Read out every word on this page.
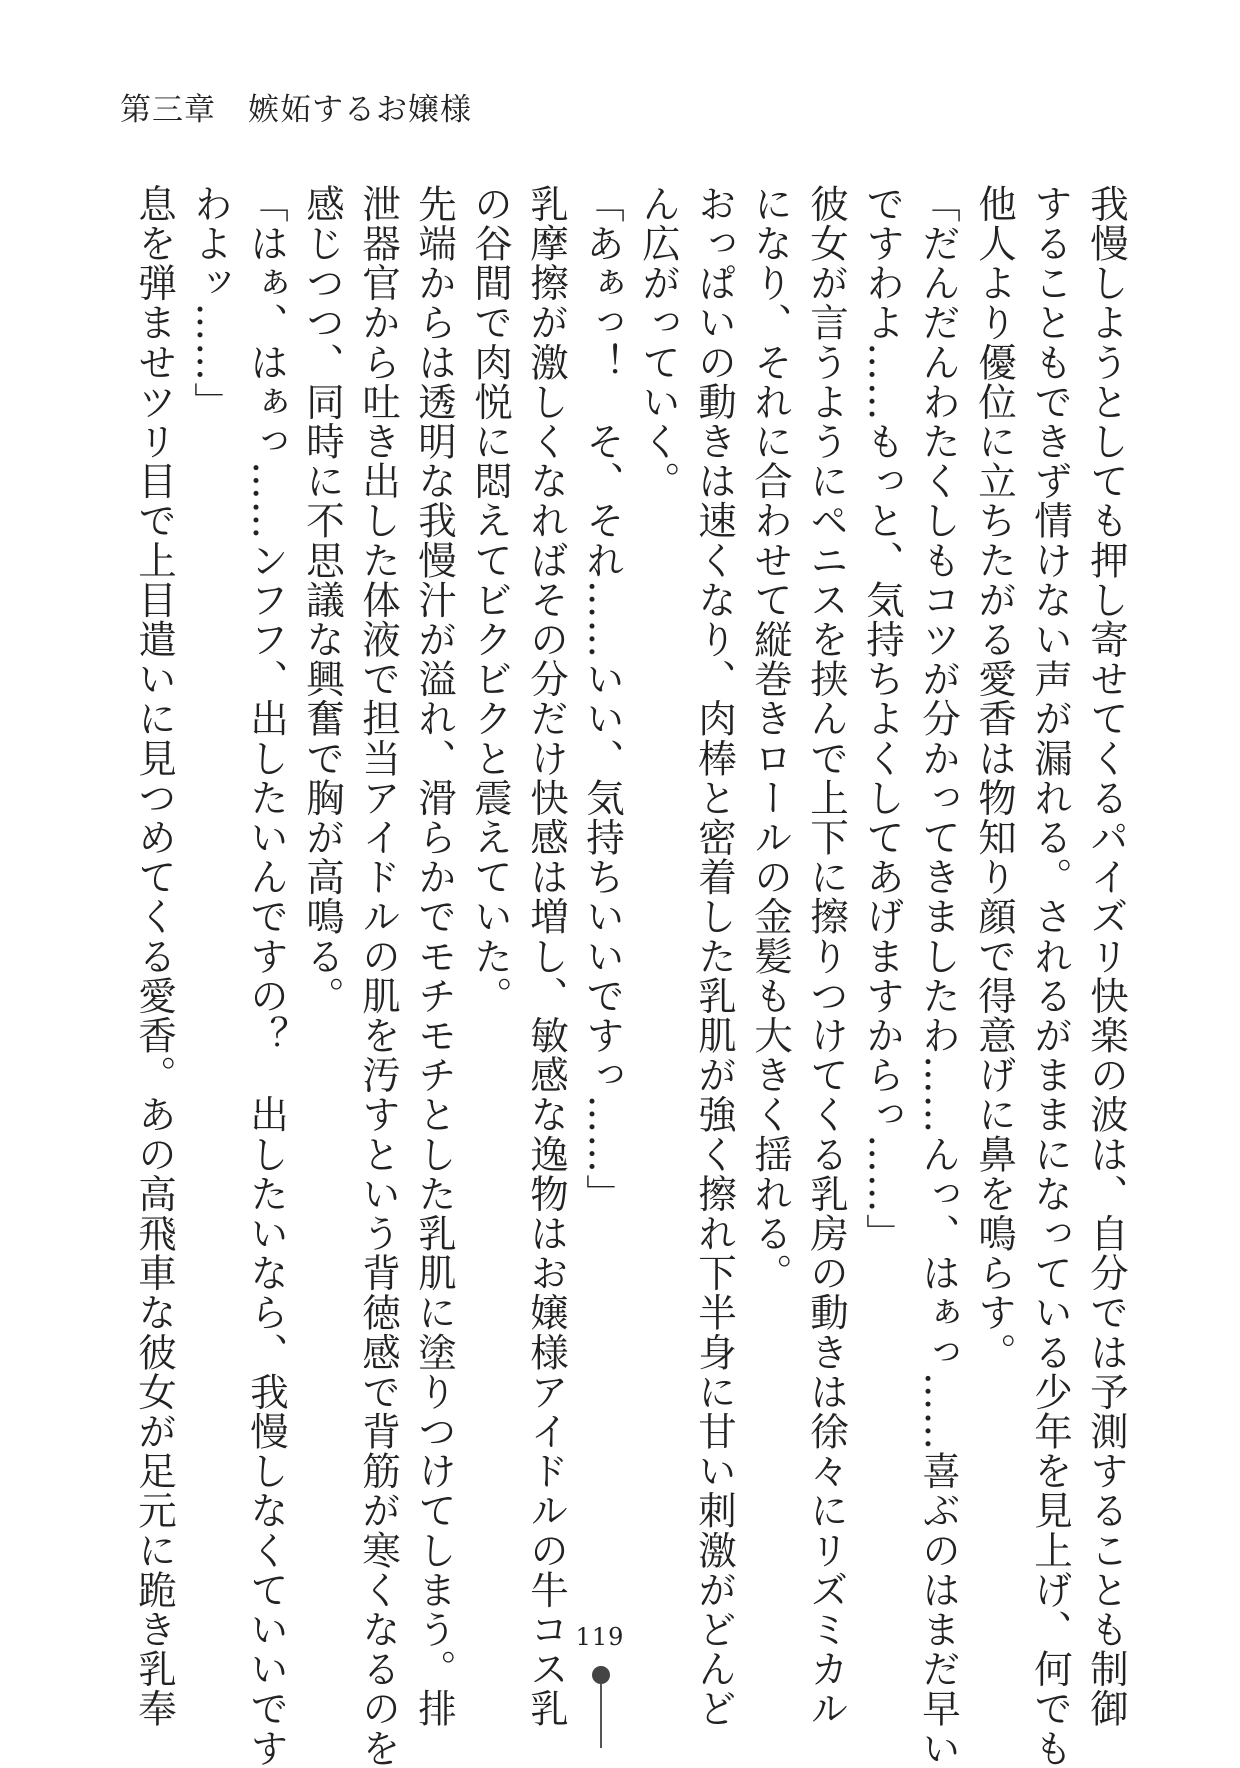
第三章　嫉妬するお嬢様
我慢しようとしても押し寄せてくるパイズリ快楽の波は、自分では予測することも制御
することもできず情けない声が漏れる。されるがままになっている少年を見上げ、何でも
他人より優位に立ちたがる愛香は物知り顔で得意げに鼻を鳴らす。
「だんだんわたくしもコツが分かってきましたわ……んっ、はぁっ……喜ぶのはまだ早い
ですわよ……もっと、気持ちよくしてあげますからっ……」
彼女が言うようにペニスを挟んで上下に擦りつけてくる乳房の動きは徐々にリズミカル
になり、それに合わせて縦巻きロールの金髪も大きく揺れる。
おっぱいの動きは速くなり、肉棒と密着した乳肌が強く擦れ下半身に甘い刺激がどんど
ん広がっていく。
「あぁっ！　そ、それ……いい、気持ちいいですっ……」
乳摩擦が激しくなればその分だけ快感は増し、敏感な逸物はお嬢様アイドルの牛コス乳
の谷間で肉悦に悶えてビクビクと震えていた。
先端からは透明な我慢汁が溢れ、滑らかでモチモチとした乳肌に塗りつけてしまう。排
泄器官から吐き出した体液で担当アイドルの肌を汚すという背徳感で背筋が寒くなるのを
感じつつ、同時に不思議な興奮で胸が高鳴る。
「はぁ、はぁっ……ンフフ、出したいんですの？　出したいなら、我慢しなくていいです
わよッ……」
息を弾ませツリ目で上目遣いに見つめてくる愛香。あの高飛車な彼女が足元に跪き乳奉	119
